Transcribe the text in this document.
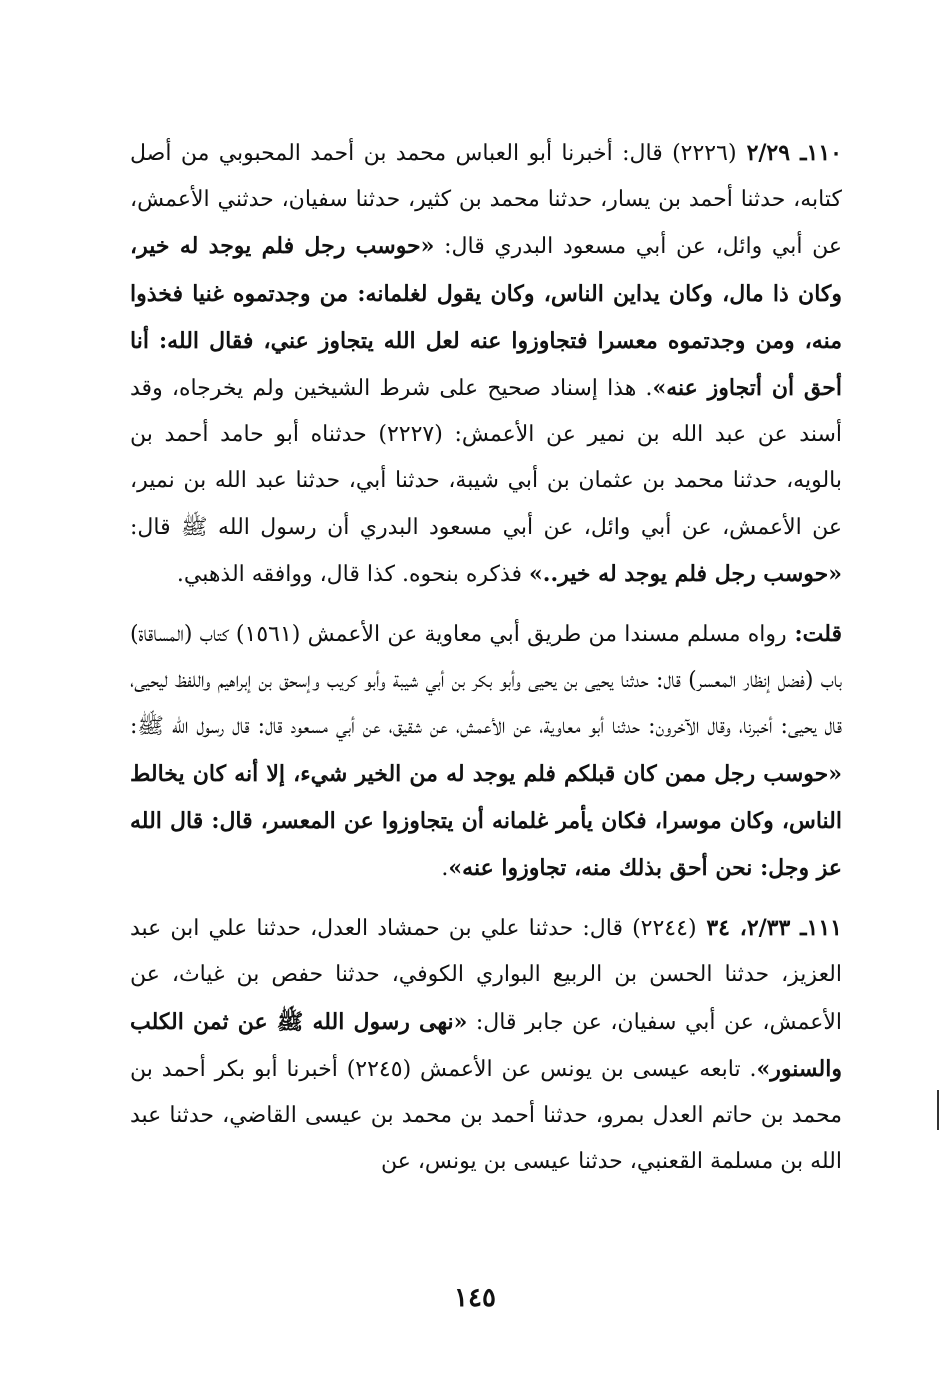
١١٠ـ ٢/٢٩ (٢٢٢٦) قال: أخبرنا أبو العباس محمد بن أحمد المحبوبي من أصل كتابه، حدثنا أحمد بن يسار، حدثنا محمد بن كثير، حدثنا سفيان، حدثني الأعمش، عن أبي وائل، عن أبي مسعود البدري قال: «حوسب رجل فلم يوجد له خير، وكان ذا مال، وكان يداين الناس، وكان يقول لغلمانه: من وجدتموه غنيا فخذوا منه، ومن وجدتموه معسرا فتجاوزوا عنه لعل الله يتجاوز عني، فقال الله: أنا أحق أن أتجاوز عنه». هذا إسناد صحيح على شرط الشيخين ولم يخرجاه، وقد أسند عن عبد الله بن نمير عن الأعمش: (٢٢٢٧) حدثناه أبو حامد أحمد بن بالويه، حدثنا محمد بن عثمان بن أبي شيبة، حدثنا أبي، حدثنا عبد الله بن نمير، عن الأعمش، عن أبي وائل، عن أبي مسعود البدري أن رسول الله ﷺ قال: «حوسب رجل فلم يوجد له خير..» فذكره بنحوه. كذا قال، ووافقه الذهبي.

قلت: رواه مسلم مسندا من طريق أبي معاوية عن الأعمش (١٥٦١) كتاب (المساقاة) باب (فضل إنظار المعسر) قال: حدثنا يحيى بن يحيى وأبو بكر بن أبي شيبة وأبو كريب وإسحق بن إبراهيم واللفظ ليحيى، قال يحيى: أخبرنا، وقال الآخرون: حدثنا أبو معاوية، عن الأعمش، عن شقيق، عن أبي مسعود قال: قال رسول الله ﷺ: «حوسب رجل ممن كان قبلكم فلم يوجد له من الخير شيء، إلا أنه كان يخالط الناس، وكان موسرا، فكان يأمر غلمانه أن يتجاوزوا عن المعسر، قال: قال الله عز وجل: نحن أحق بذلك منه، تجاوزوا عنه».

١١١ـ ٢/٣٣، ٣٤ (٢٢٤٤) قال: حدثنا علي بن حمشاد العدل، حدثنا علي ابن عبد العزيز، حدثنا الحسن بن الربيع البواري الكوفي، حدثنا حفص بن غياث، عن الأعمش، عن أبي سفيان، عن جابر قال: «نهى رسول الله ﷺ عن ثمن الكلب والسنور». تابعه عيسى بن يونس عن الأعمش (٢٢٤٥) أخبرنا أبو بكر أحمد بن محمد بن حاتم العدل بمرو، حدثنا أحمد بن محمد بن عيسى القاضي، حدثنا عبد الله بن مسلمة القعنبي، حدثنا عيسى بن يونس، عن

١٤٥
